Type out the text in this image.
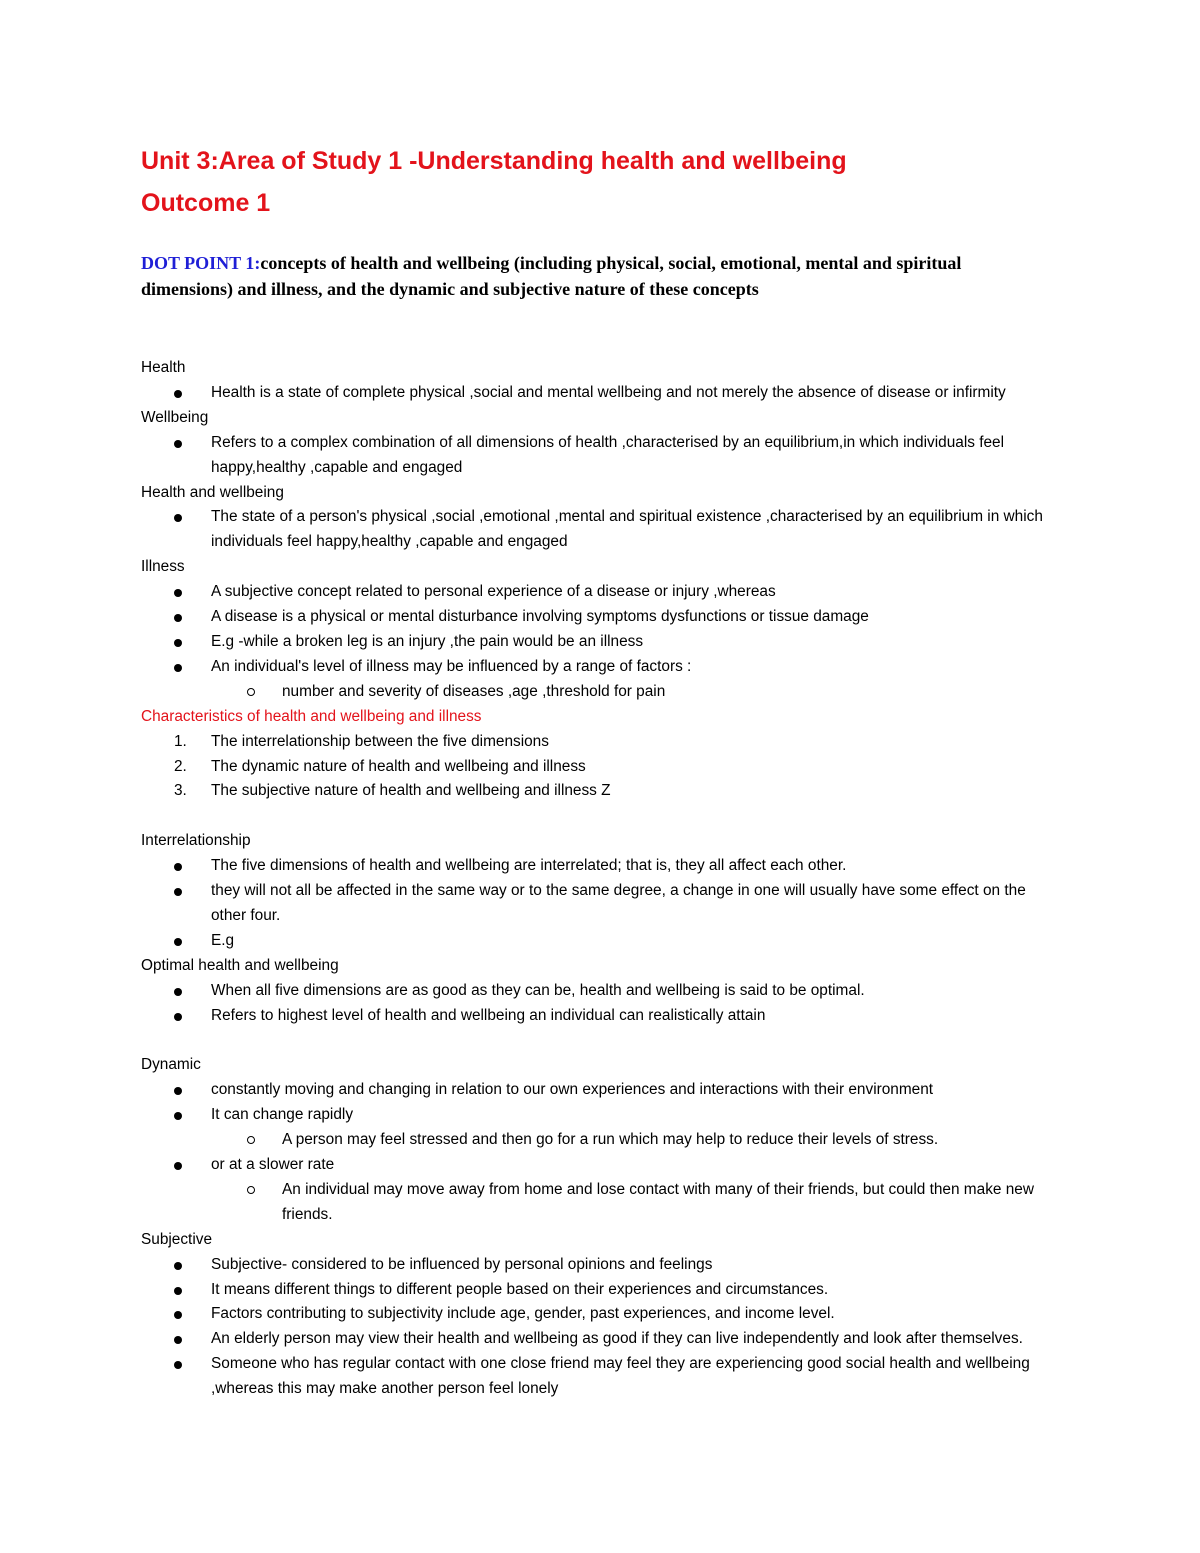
Unit 3:Area of Study 1 -Understanding health and wellbeing
Outcome 1

DOT POINT 1:concepts of health and wellbeing (including physical, social, emotional, mental and spiritual dimensions) and illness, and the dynamic and subjective nature of these concepts

Health

Health is a state of complete physical ,social and mental wellbeing and not merely the absence of disease or infirmity

Wellbeing

Refers to a complex combination of all dimensions of health ,characterised by an equilibrium,in which individuals feel happy,healthy ,capable and engaged

Health and wellbeing

The state of a person's physical ,social ,emotional ,mental and spiritual existence ,characterised by an equilibrium in which individuals feel happy,healthy ,capable and engaged

Illness

A subjective concept related to personal experience of a disease or injury ,whereas
A disease is a physical or mental disturbance involving symptoms dysfunctions or tissue damage
E.g -while a broken leg is an injury ,the pain would be an illness
An individual's level of illness may be influenced by a range of factors :
number and severity of diseases ,age ,threshold for pain

Characteristics of health and wellbeing and illness

1. The interrelationship between the five dimensions
2. The dynamic nature of health and wellbeing and illness
3. The subjective nature of health and wellbeing and illness Z

Interrelationship

The five dimensions of health and wellbeing are interrelated; that is, they all affect each other.
they will not all be affected in the same way or to the same degree, a change in one will usually have some effect on the other four.
E.g

Optimal health and wellbeing

When all five dimensions are as good as they can be, health and wellbeing is said to be optimal.
Refers to highest level of health and wellbeing an individual can realistically attain

Dynamic

constantly moving and changing in relation to our own experiences and interactions with their environment
It can change rapidly
A person may feel stressed and then go for a run which may help to reduce their levels of stress.
or at a slower rate
An individual may move away from home and lose contact with many of their friends, but could then make new friends.

Subjective

Subjective- considered to be influenced by personal opinions and feelings
It means different things to different people based on their experiences and circumstances.
Factors contributing to subjectivity include age, gender, past experiences, and income level.
An elderly person may view their health and wellbeing as good if they can live independently and look after themselves.
Someone who has regular contact with one close friend may feel they are experiencing good social health and wellbeing ,whereas this may make another person feel lonely
